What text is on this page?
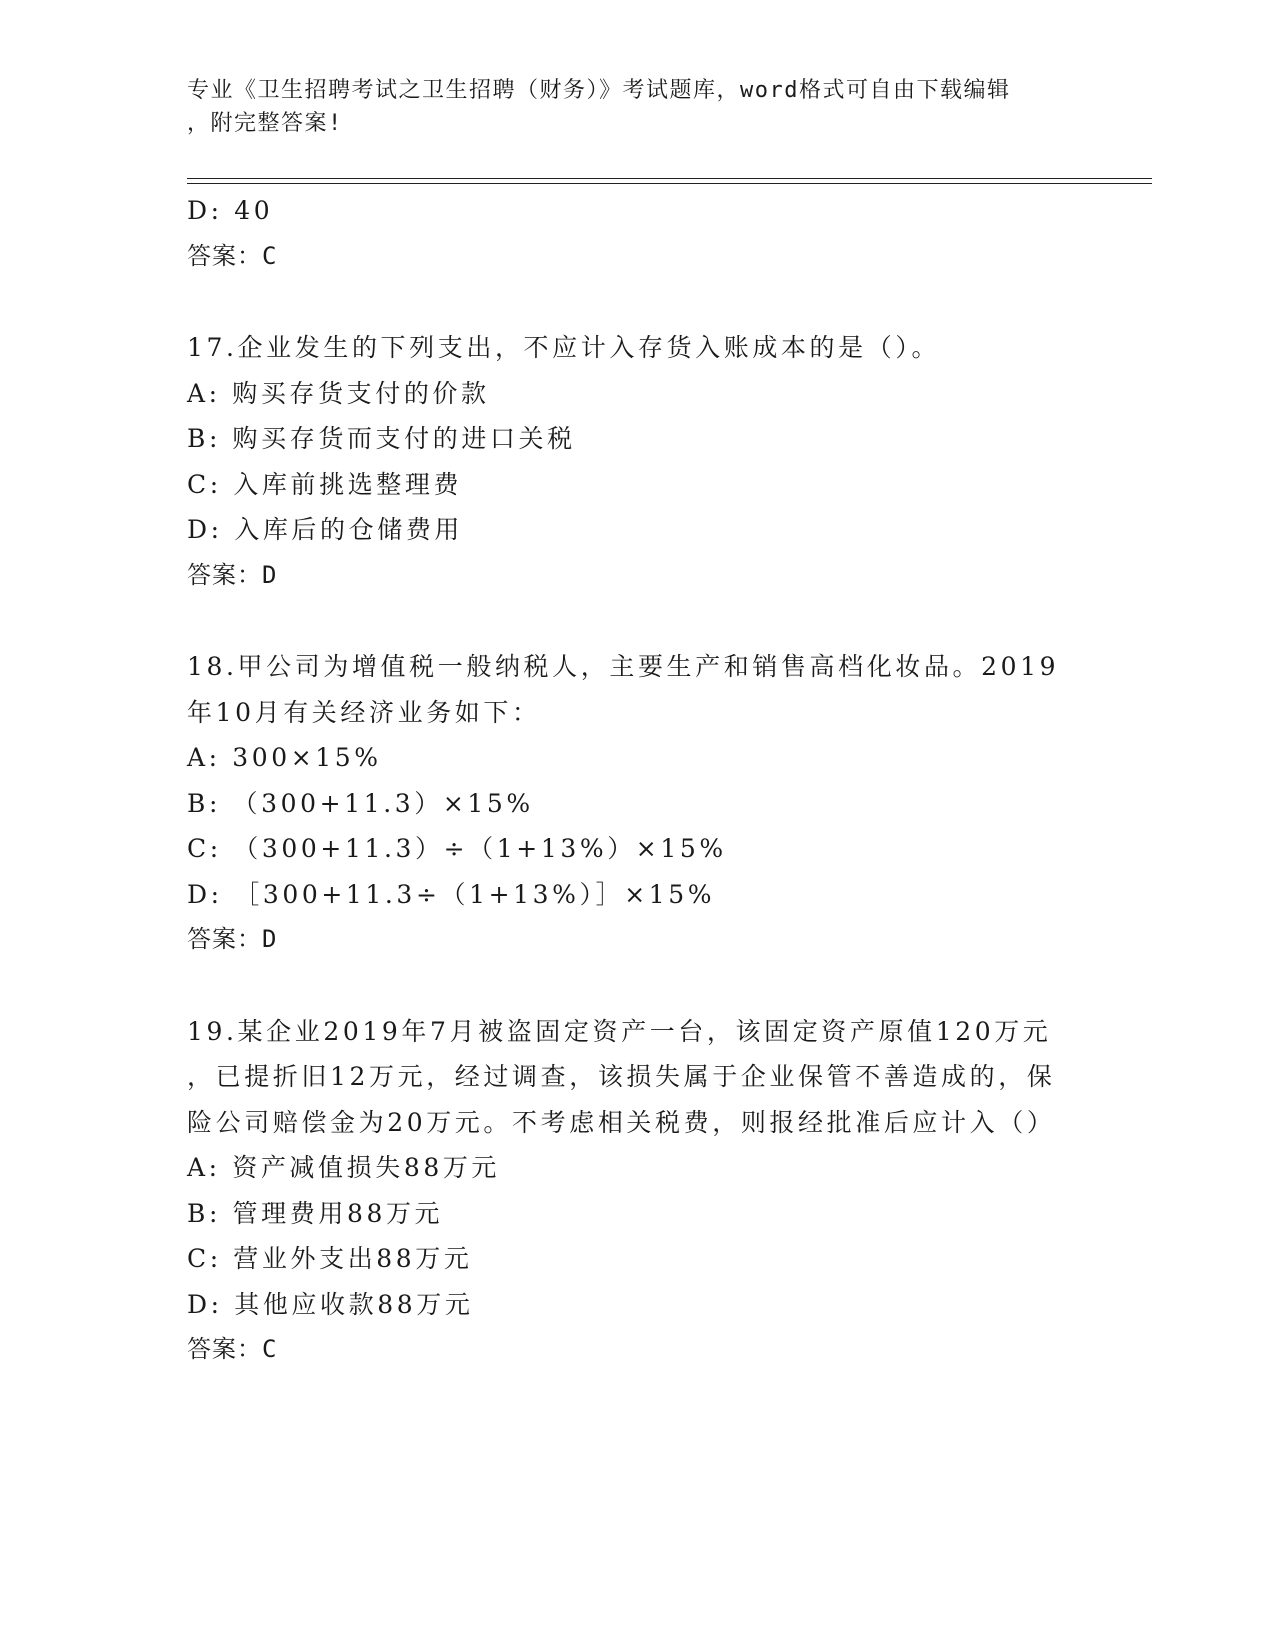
专业《卫生招聘考试之卫生招聘（财务）》考试题库，word格式可自由下载编辑
，附完整答案!
D: 40
答案：C
17.企业发生的下列支出，不应计入存货入账成本的是（）。
A: 购买存货支付的价款
B: 购买存货而支付的进口关税
C: 入库前挑选整理费
D: 入库后的仓储费用
答案：D
18.甲公司为增值税一般纳税人，主要生产和销售高档化妆品。2019
年10月有关经济业务如下：
A: 300×15%
B: （300+11.3）×15%
C: （300+11.3）÷（1+13%）×15%
D: ［300+11.3÷（1+13%）］×15%
答案：D
19.某企业2019年7月被盗固定资产一台，该固定资产原值120万元
，已提折旧12万元，经过调查，该损失属于企业保管不善造成的，保
险公司赔偿金为20万元。不考虑相关税费，则报经批准后应计入（）
A: 资产减值损失88万元
B: 管理费用88万元
C: 营业外支出88万元
D: 其他应收款88万元
答案：C
